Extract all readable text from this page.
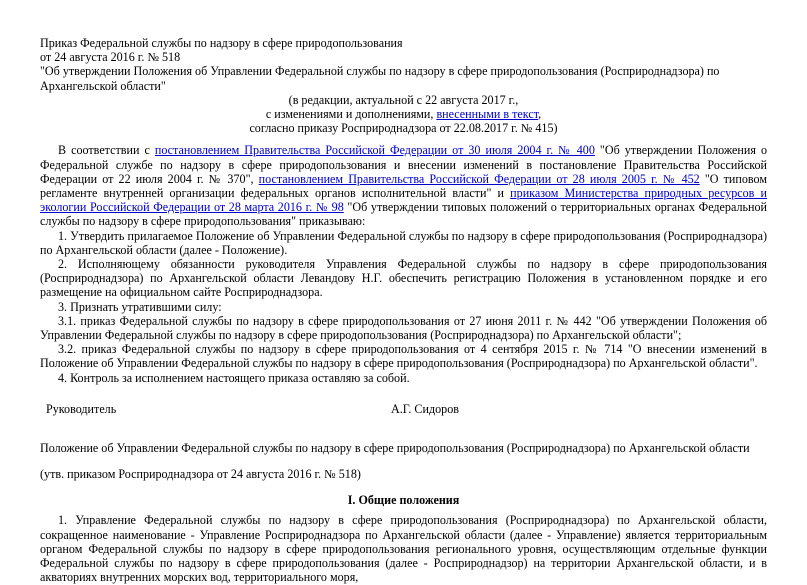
Приказ Федеральной службы по надзору в сфере природопользования

от 24 августа 2016 г. № 518

"Об утверждении Положения об Управлении Федеральной службы по надзору в сфере природопользования (Росприроднадзора) по Архангельской области"

(в редакции, актуальной с 22 августа 2017 г.,

с изменениями и дополнениями, внесенными в текст,

согласно приказу Росприроднадзора от 22.08.2017 г. № 415)

В соответствии с постановлением Правительства Российской Федерации от 30 июля 2004 г. № 400 "Об утверждении Положения о Федеральной службе по надзору в сфере природопользования и внесении изменений в постановление Правительства Российской Федерации от 22 июля 2004 г. № 370", постановлением Правительства Российской Федерации от 28 июля 2005 г. № 452 "О типовом регламенте внутренней организации федеральных органов исполнительной власти" и приказом Министерства природных ресурсов и экологии Российской Федерации от 28 марта 2016 г. № 98 "Об утверждении типовых положений о территориальных органах Федеральной службы по надзору в сфере природопользования" приказываю:

1. Утвердить прилагаемое Положение об Управлении Федеральной службы по надзору в сфере природопользования (Росприроднадзора) по Архангельской области (далее - Положение).

2. Исполняющему обязанности руководителя Управления Федеральной службы по надзору в сфере природопользования (Росприроднадзора) по Архангельской области Левандову Н.Г. обеспечить регистрацию Положения в установленном порядке и его размещение на официальном сайте Росприроднадзора.

3. Признать утратившими силу:

3.1. приказ Федеральной службы по надзору в сфере природопользования от 27 июня 2011 г. № 442 "Об утверждении Положения об Управлении Федеральной службы по надзору в сфере природопользования (Росприроднадзора) по Архангельской области";

3.2. приказ Федеральной службы по надзору в сфере природопользования от 4 сентября 2015 г. № 714 "О внесении изменений в Положение об Управлении Федеральной службы по надзору в сфере природопользования (Росприроднадзора) по Архангельской области".

4. Контроль за исполнением настоящего приказа оставляю за собой.

Руководитель	А.Г. Сидоров

Положение об Управлении Федеральной службы по надзору в сфере природопользования (Росприроднадзора) по Архангельской области

(утв. приказом Росприроднадзора от 24 августа 2016 г. № 518)

I. Общие положения

1. Управление Федеральной службы по надзору в сфере природопользования (Росприроднадзора) по Архангельской области, сокращенное наименование - Управление Росприроднадзора по Архангельской области (далее - Управление) является территориальным органом Федеральной службы по надзору в сфере природопользования регионального уровня, осуществляющим отдельные функции Федеральной службы по надзору в сфере природопользования (далее - Росприроднадзор) на территории Архангельской области, и в акваториях внутренних морских вод, территориального моря,
